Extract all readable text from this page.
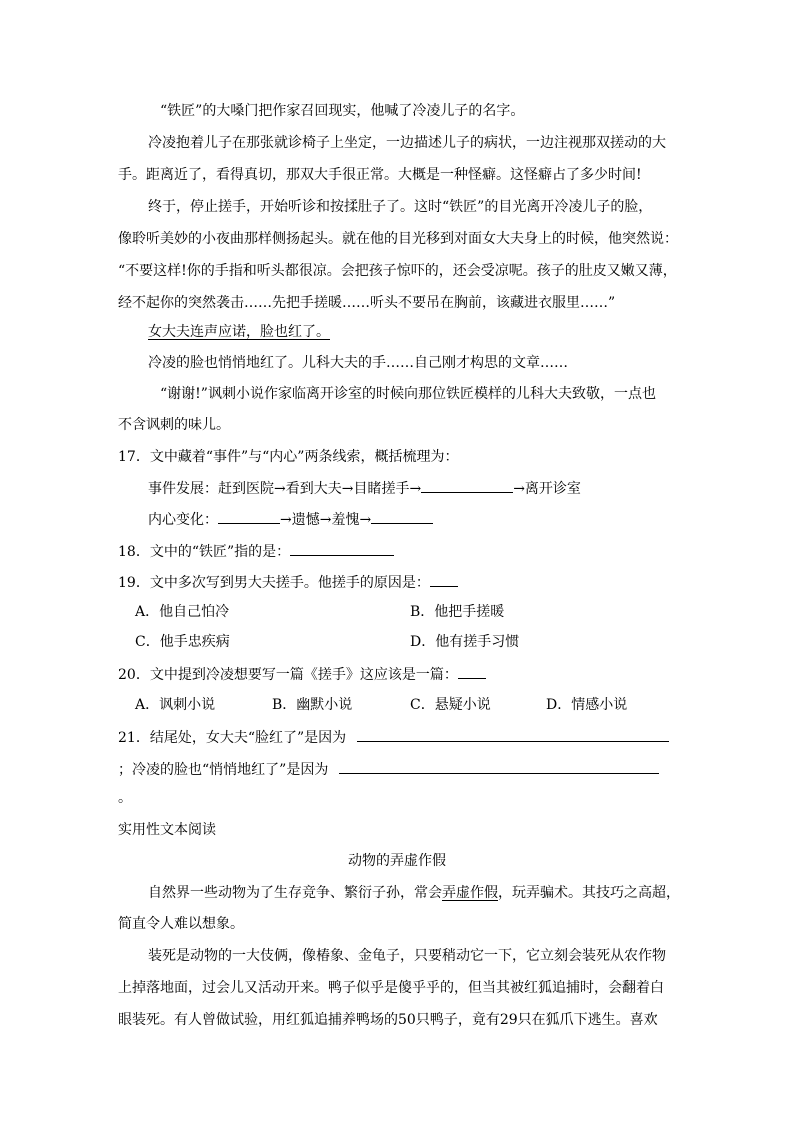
“铁匠”的大嗓门把作家召回现实，他喊了冷凌儿子的名字。
冷凌抱着儿子在那张就诊椅子上坐定，一边描述儿子的病状，一边注视那双搓动的大
手。距离近了，看得真切，那双大手很正常。大概是一种怪癖。这怪癖占了多少时间!
终于，停止搓手，开始听诊和按揉肚子了。这时“铁匠”的目光离开冷凌儿子的脸，
像聆听美妙的小夜曲那样侧扬起头。就在他的目光移到对面女大夫身上的时候，他突然说：
“不要这样!你的手指和听头都很凉。会把孩子惊吓的，还会受凉呢。孩子的肚皮又嫩又薄，
经不起你的突然袭击……先把手搓暖……听头不要吊在胸前，该藏进衣服里……”
女大夫连声应诺，脸也红了。
冷凌的脸也悄悄地红了。儿科大夫的手……自己刚才构思的文章……
“谢谢!”讽刺小说作家临离开诊室的时候向那位铁匠模样的儿科大夫致敬，一点也
不含讽刺的味儿。
17．文中藏着“事件”与“内心”两条线索，概括梳理为：
事件发展：赶到医院→看到大夫→目睹搓手→	→离开诊室
内心变化：	→遗憾→羞愧→
18．文中的“铁匠”指的是：
19．文中多次写到男大夫搓手。他搓手的原因是：
A．他自己怕冷	B．他把手搓暖
C．他手忠疾病	D．他有搓手习惯
20．文中提到冷凌想要写一篇《搓手》这应该是一篇：
A．讽刺小说	B．幽默小说	C．悬疑小说	D．情感小说
21．结尾处，女大夫“脸红了”是因为
；冷凌的脸也“悄悄地红了”是因为
。
实用性文本阅读
动物的弄虚作假
自然界一些动物为了生存竞争、繁衍子孙，常会弄虚作假，玩弄骗术。其技巧之高超，
简直令人难以想象。
装死是动物的一大伎俩，像椿象、金龟子，只要稍动它一下，它立刻会装死从农作物
上掉落地面，过会儿又活动开来。鸭子似乎是傻乎乎的，但当其被红狐追捕时，会翻着白
眼装死。有人曾做试验，用红狐追捕养鸭场的50只鸭子，竟有29只在狐爪下逃生。喜欢
